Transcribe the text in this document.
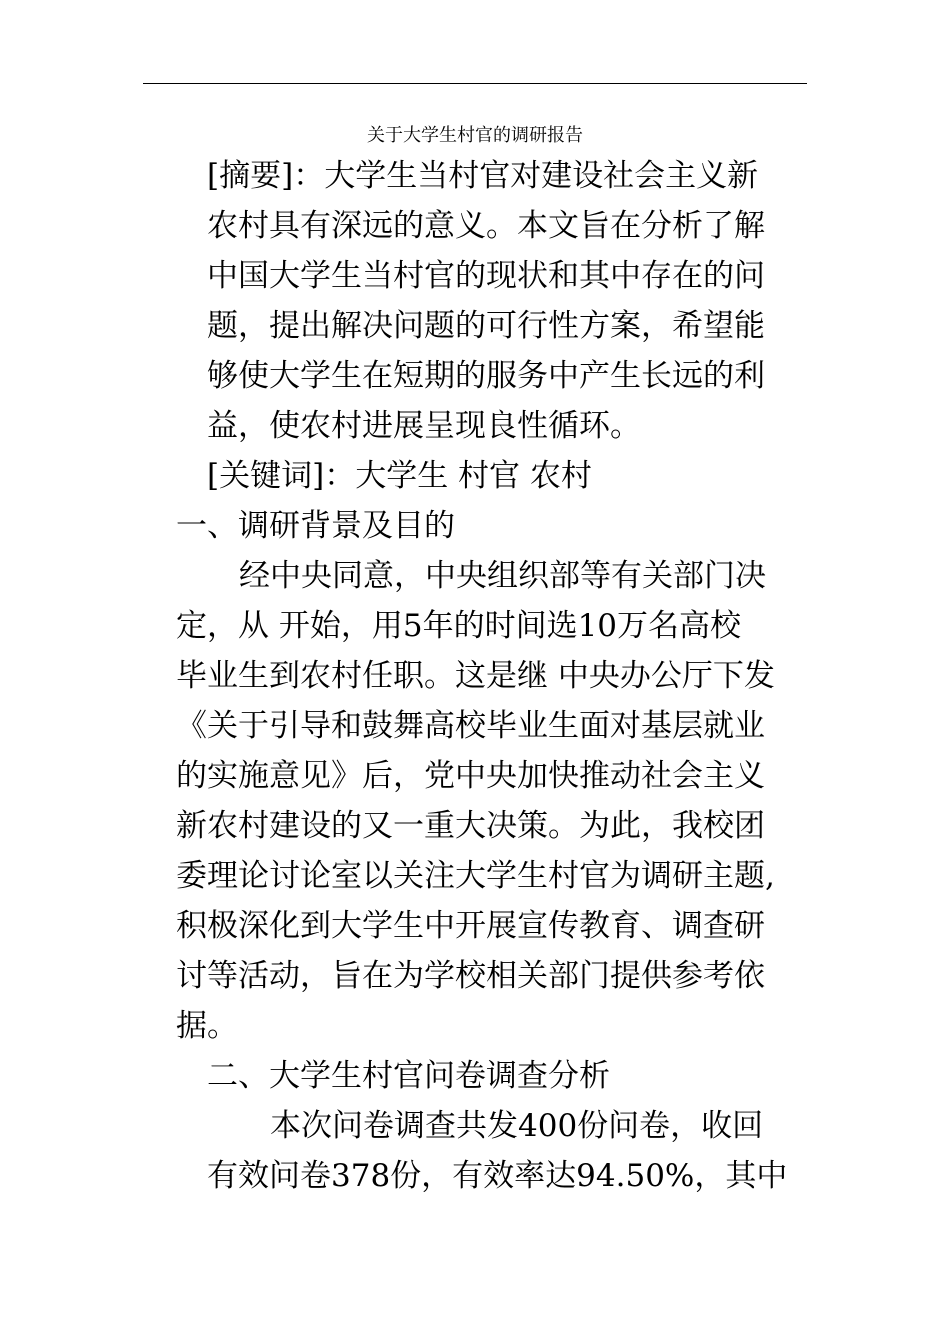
关于大学生村官的调研报告
[摘要]：大学生当村官对建设社会主义新
农村具有深远的意义。本文旨在分析了解
中国大学生当村官的现状和其中存在的问
题，提出解决问题的可行性方案，希望能
够使大学生在短期的服务中产生长远的利
益，使农村进展呈现良性循环。
[关键词]：大学生 村官 农村
一、调研背景及目的
经中央同意，中央组织部等有关部门决
定，从 开始，用5年的时间选10万名高校
毕业生到农村任职。这是继 中央办公厅下发
《关于引导和鼓舞高校毕业生面对基层就业
的实施意见》后，党中央加快推动社会主义
新农村建设的又一重大决策。为此，我校团
委理论讨论室以关注大学生村官为调研主题,
积极深化到大学生中开展宣传教育、调查研
讨等活动，旨在为学校相关部门提供参考依
据。
二、大学生村官问卷调查分析
本次问卷调查共发400份问卷，收回
有效问卷378份，有效率达94.50%，其中
